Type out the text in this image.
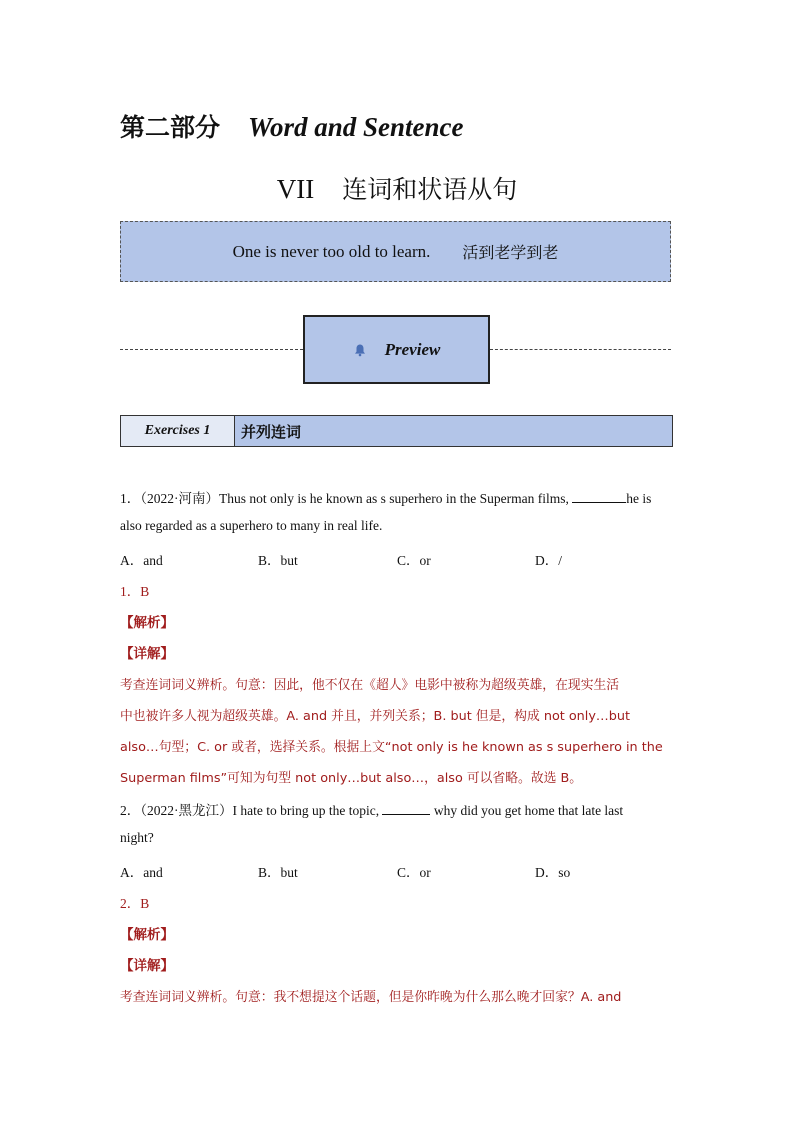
第二部分 Word and Sentence
VII 连词和状语从句
One is never too old to learn. 活到老学到老
Preview
Exercises 1	并列连词
1．（2022·河南）Thus not only is he known as s superhero in the Superman films,	he is
also regarded as a superhero to many in real life.
A．and	B．but	C．or	D．/
1．B
【解析】
【详解】
考查连词词义辨析。句意：因此，他不仅在《超人》电影中被称为超级英雄，在现实生活
中也被许多人视为超级英雄。A. and 并且，并列关系；B. but 但是，构成 not only…but
also…句型；C. or 或者，选择关系。根据上文“not only is he known as s superhero in the
Superman films”可知为句型 not only…but also…，also 可以省略。故选 B。
2．（2022·黑龙江）I hate to bring up the topic,	why did you get home that late last
night?
A．and	B．but	C．or	D．so
2．B
【解析】
【详解】
考查连词词义辨析。句意：我不想提这个话题，但是你昨晚为什么那么晚才回家？A. and
